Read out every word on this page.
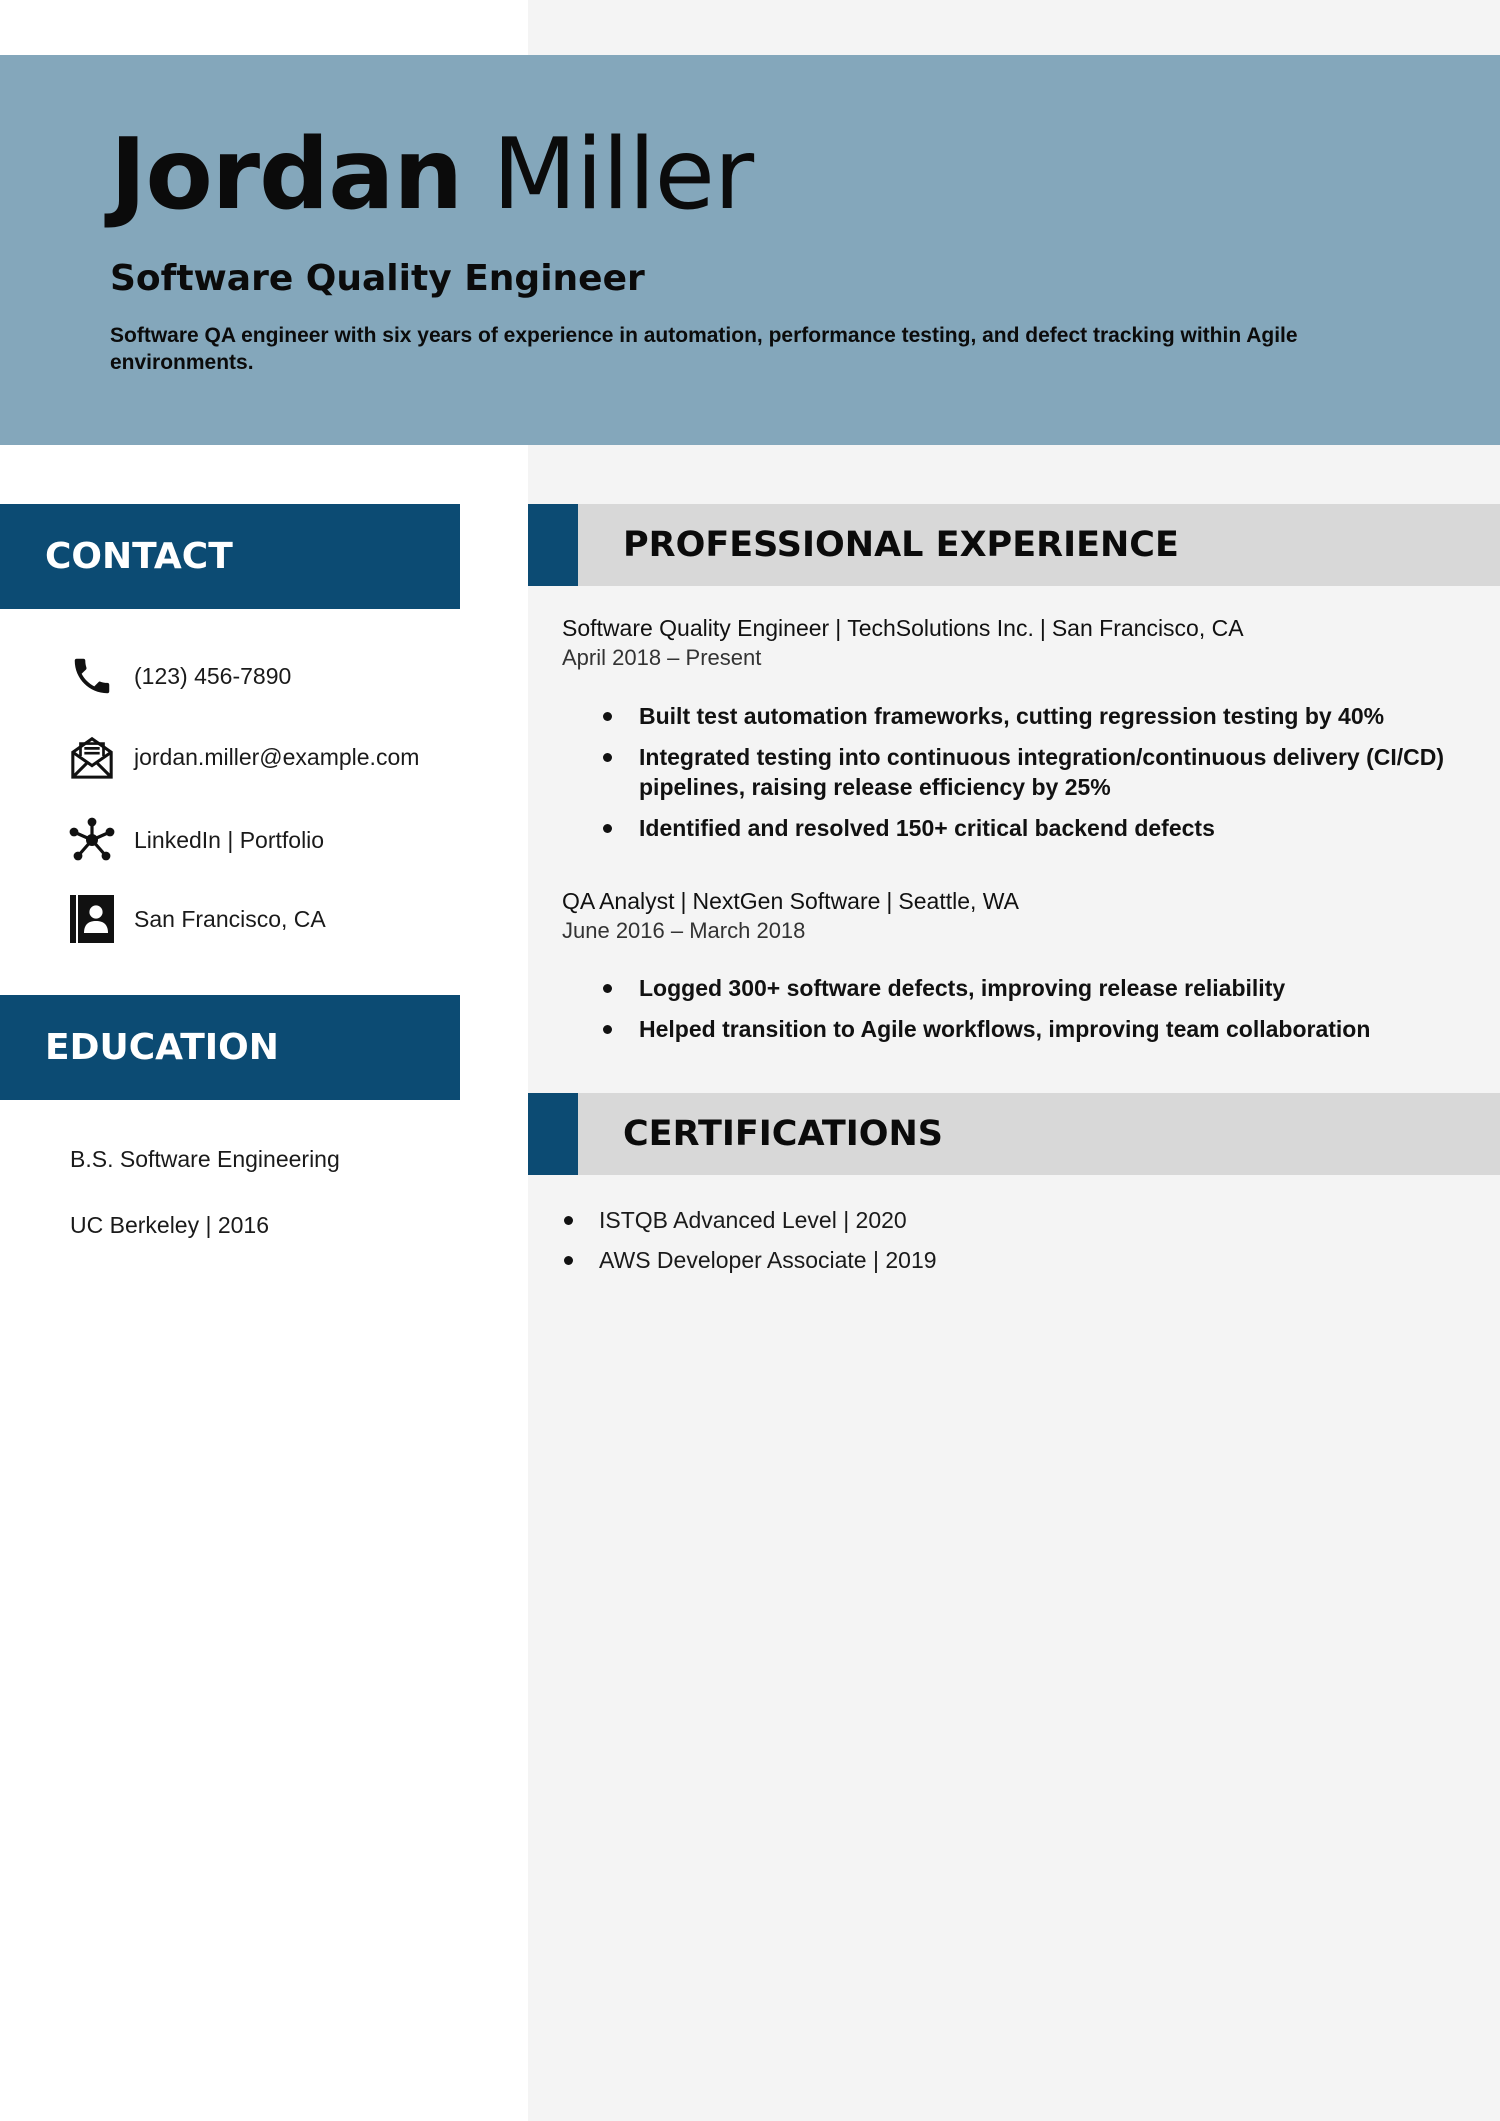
Jordan Miller
Software Quality Engineer
Software QA engineer with six years of experience in automation, performance testing, and defect tracking within Agile environments.
CONTACT
(123) 456-7890
jordan.miller@example.com
LinkedIn | Portfolio
San Francisco, CA
EDUCATION
B.S. Software Engineering
UC Berkeley | 2016
PROFESSIONAL EXPERIENCE
Software Quality Engineer | TechSolutions Inc. | San Francisco, CA
April 2018 – Present
Built test automation frameworks, cutting regression testing by 40%
Integrated testing into continuous integration/continuous delivery (CI/CD) pipelines, raising release efficiency by 25%
Identified and resolved 150+ critical backend defects
QA Analyst | NextGen Software | Seattle, WA
June 2016 – March 2018
Logged 300+ software defects, improving release reliability
Helped transition to Agile workflows, improving team collaboration
CERTIFICATIONS
ISTQB Advanced Level | 2020
AWS Developer Associate | 2019
